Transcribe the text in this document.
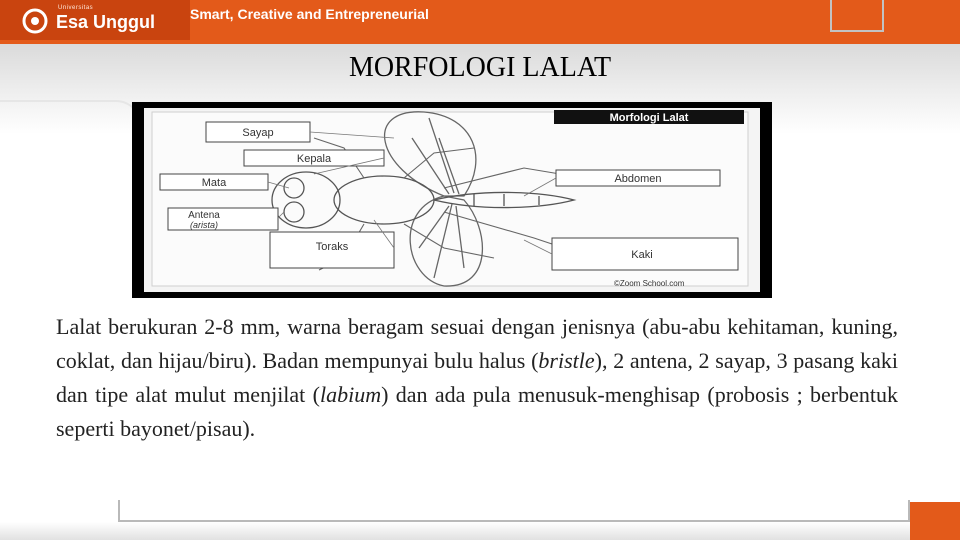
Universitas
Esa Unggul Smart, Creative and Entrepreneurial
MORFOLOGI LALAT
Morfologi Lalat
Sayap
Kepala
Mata
Antena
(arista)
Toraks
Abdomen
Kaki
©Zoom School.com
Lalat berukuran 2-8 mm, warna beragam sesuai dengan jenisnya (abu-abu kehitaman, kuning, coklat, dan hijau/biru). Badan mempunyai bulu halus (bristle), 2 antena, 2 sayap, 3 pasang kaki dan tipe alat mulut menjilat (labium) dan ada pula menusuk-menghisap (probosis ; berbentuk seperti bayonet/pisau).
